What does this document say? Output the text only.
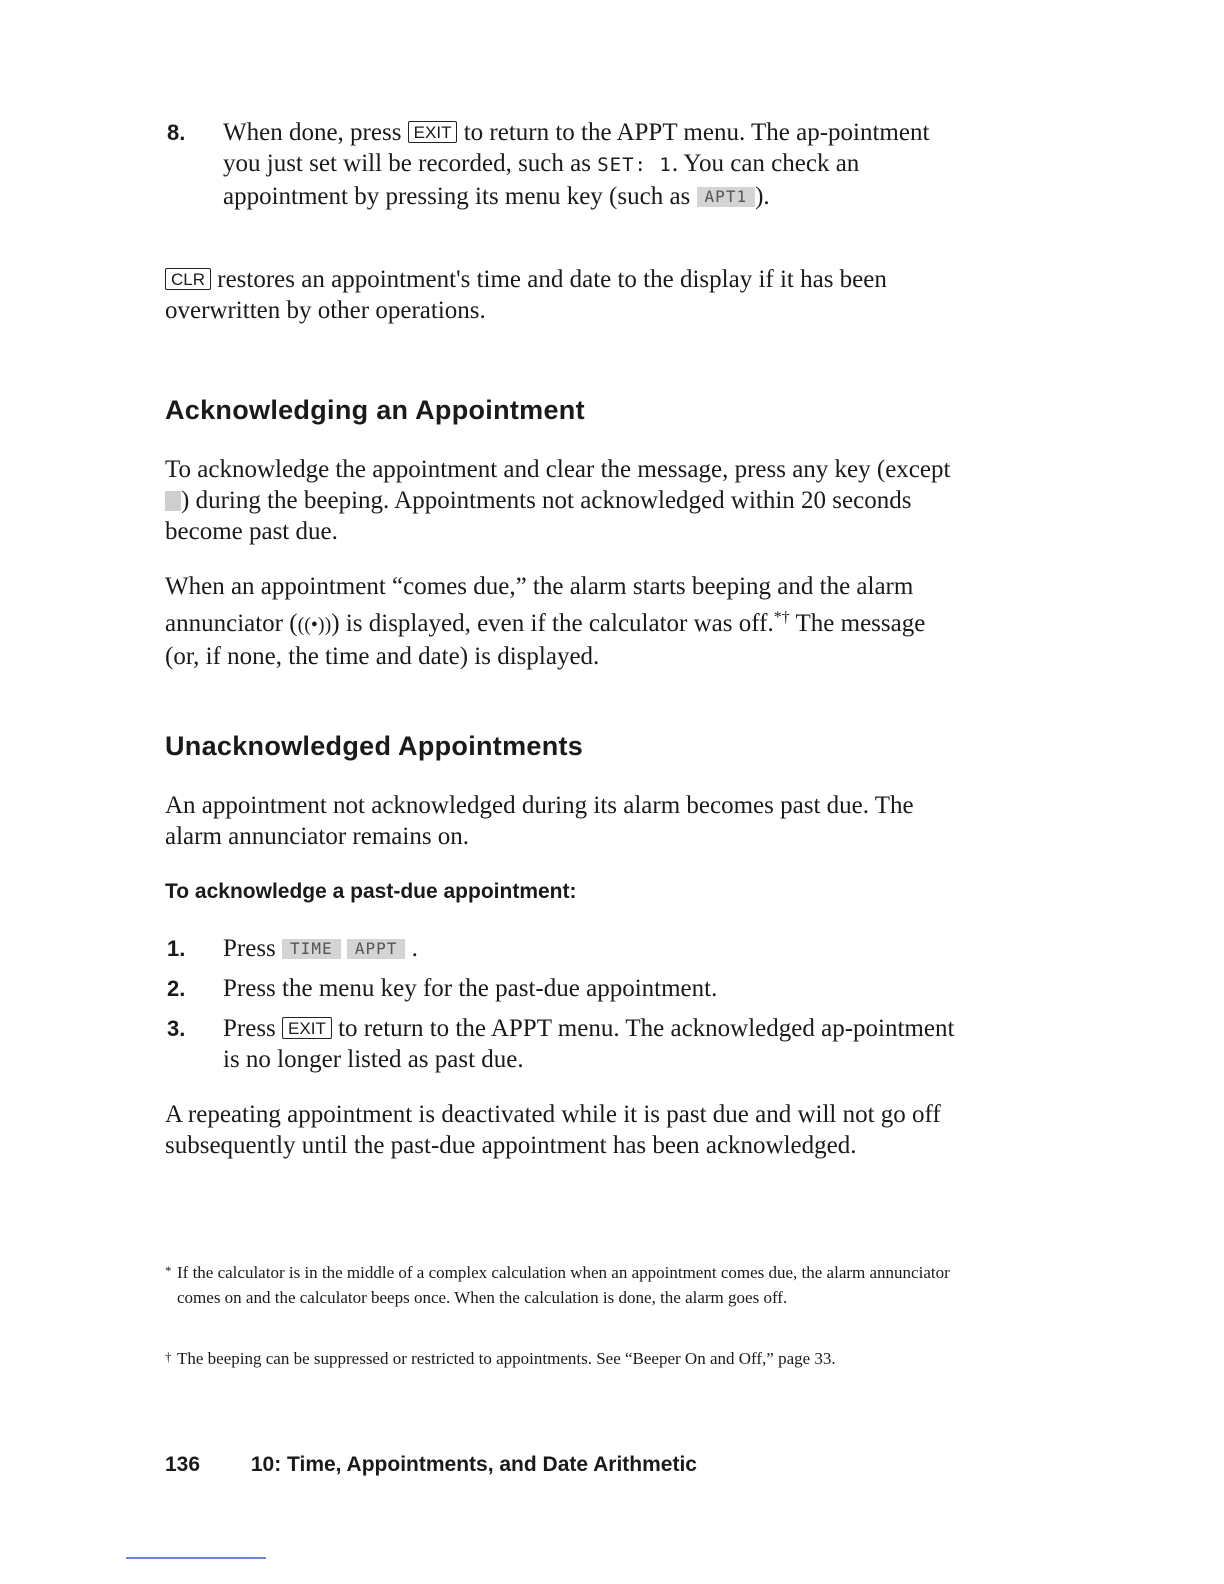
8. When done, press EXIT to return to the APPT menu. The ap-pointment you just set will be recorded, such as SET: 1. You can check an appointment by pressing its menu key (such as APT1 ).

CLR restores an appointment's time and date to the display if it has been overwritten by other operations.

Acknowledging an Appointment

To acknowledge the appointment and clear the message, press any key (except ) during the beeping. Appointments not acknowledged within 20 seconds become past due.

When an appointment “comes due,” the alarm starts beeping and the alarm annunciator (((•))) is displayed, even if the calculator was off.*† The message (or, if none, the time and date) is displayed.

Unacknowledged Appointments

An appointment not acknowledged during its alarm becomes past due. The alarm annunciator remains on.

To acknowledge a past-due appointment:
1. Press TIME APPT .
2. Press the menu key for the past-due appointment.
3. Press EXIT to return to the APPT menu. The acknowledged ap-pointment is no longer listed as past due.

A repeating appointment is deactivated while it is past due and will not go off subsequently until the past-due appointment has been acknowledged.

* If the calculator is in the middle of a complex calculation when an appointment comes due, the alarm annunciator comes on and the calculator beeps once. When the calculation is done, the alarm goes off.
† The beeping can be suppressed or restricted to appointments. See “Beeper On and Off,” page 33.
136 10: Time, Appointments, and Date Arithmetic
